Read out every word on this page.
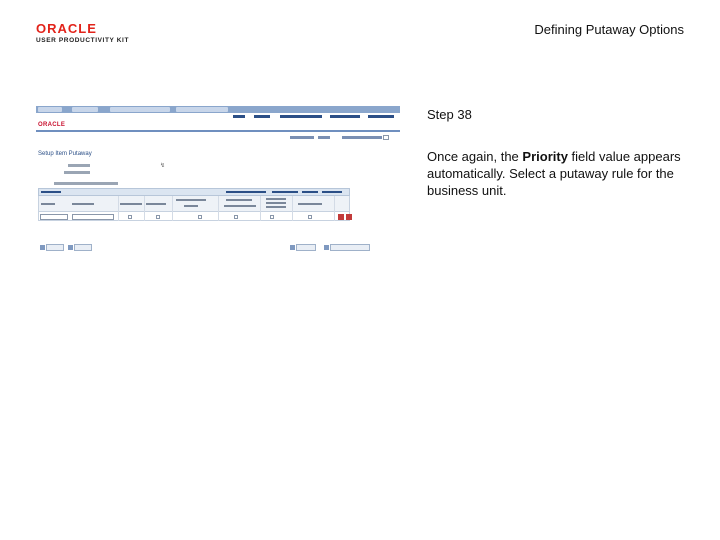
ORACLE
USER PRODUCTIVITY KIT
Defining Putaway Options
ORACLE
Setup Item Putaway
↯
Step 38
Once again, the Priority field value appears automatically. Select a putaway rule for the business unit.
